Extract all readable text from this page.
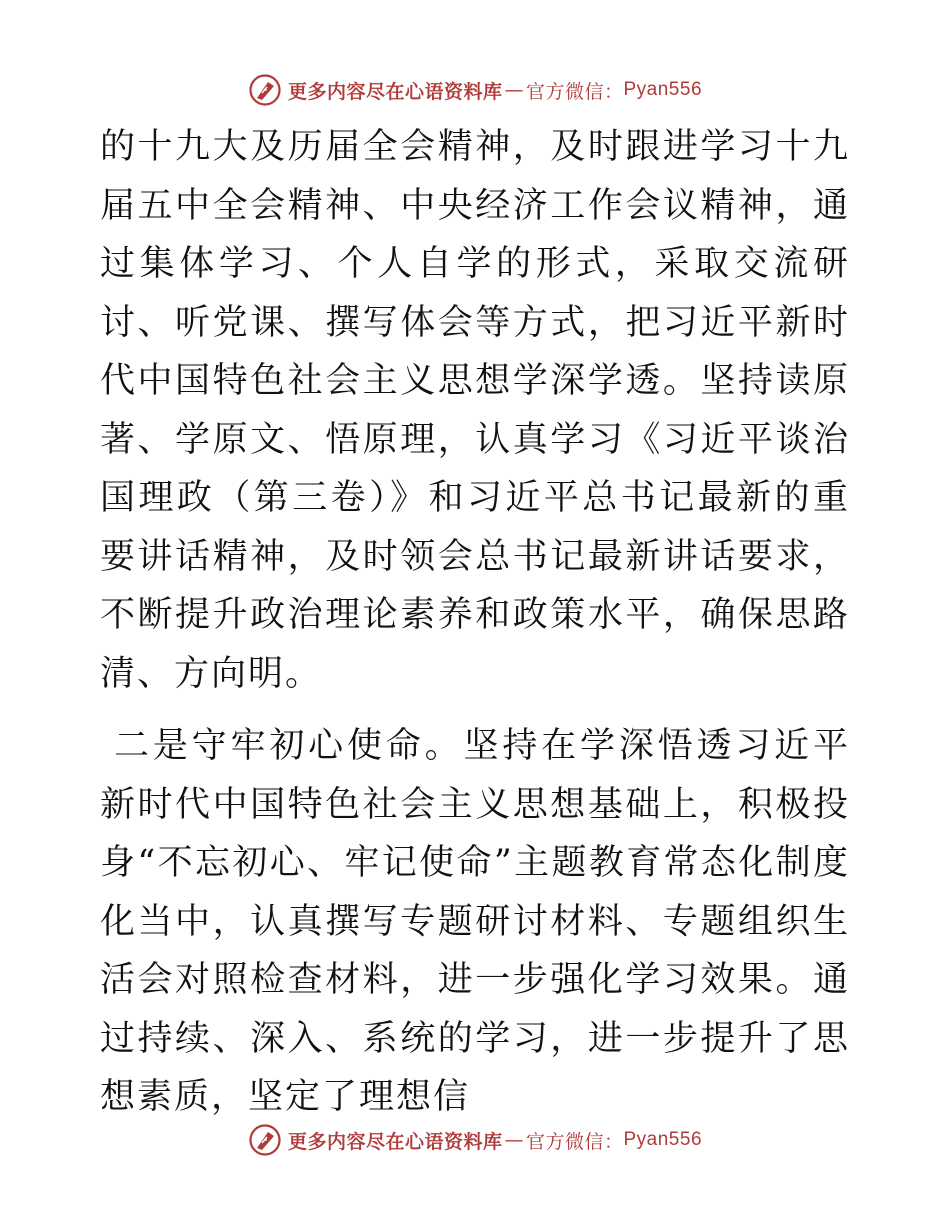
更多内容尽在心语资料库 — 官方微信： Pyan556

的十九大及历届全会精神，及时跟进学习十九届五中全会精神、中央经济工作会议精神，通过集体学习、个人自学的形式，采取交流研讨、听党课、撰写体会等方式，把习近平新时代中国特色社会主义思想学深学透。坚持读原著、学原文、悟原理，认真学习《习近平谈治国理政（第三卷）》和习近平总书记最新的重要讲话精神，及时领会总书记最新讲话要求，不断提升政治理论素养和政策水平，确保思路清、方向明。

二是守牢初心使命。坚持在学深悟透习近平新时代中国特色社会主义思想基础上，积极投身“不忘初心、牢记使命”主题教育常态化制度化当中，认真撰写专题研讨材料、专题组织生活会对照检查材料，进一步强化学习效果。通过持续、深入、系统的学习，进一步提升了思想素质，坚定了理想信

更多内容尽在心语资料库 — 官方微信： Pyan556
